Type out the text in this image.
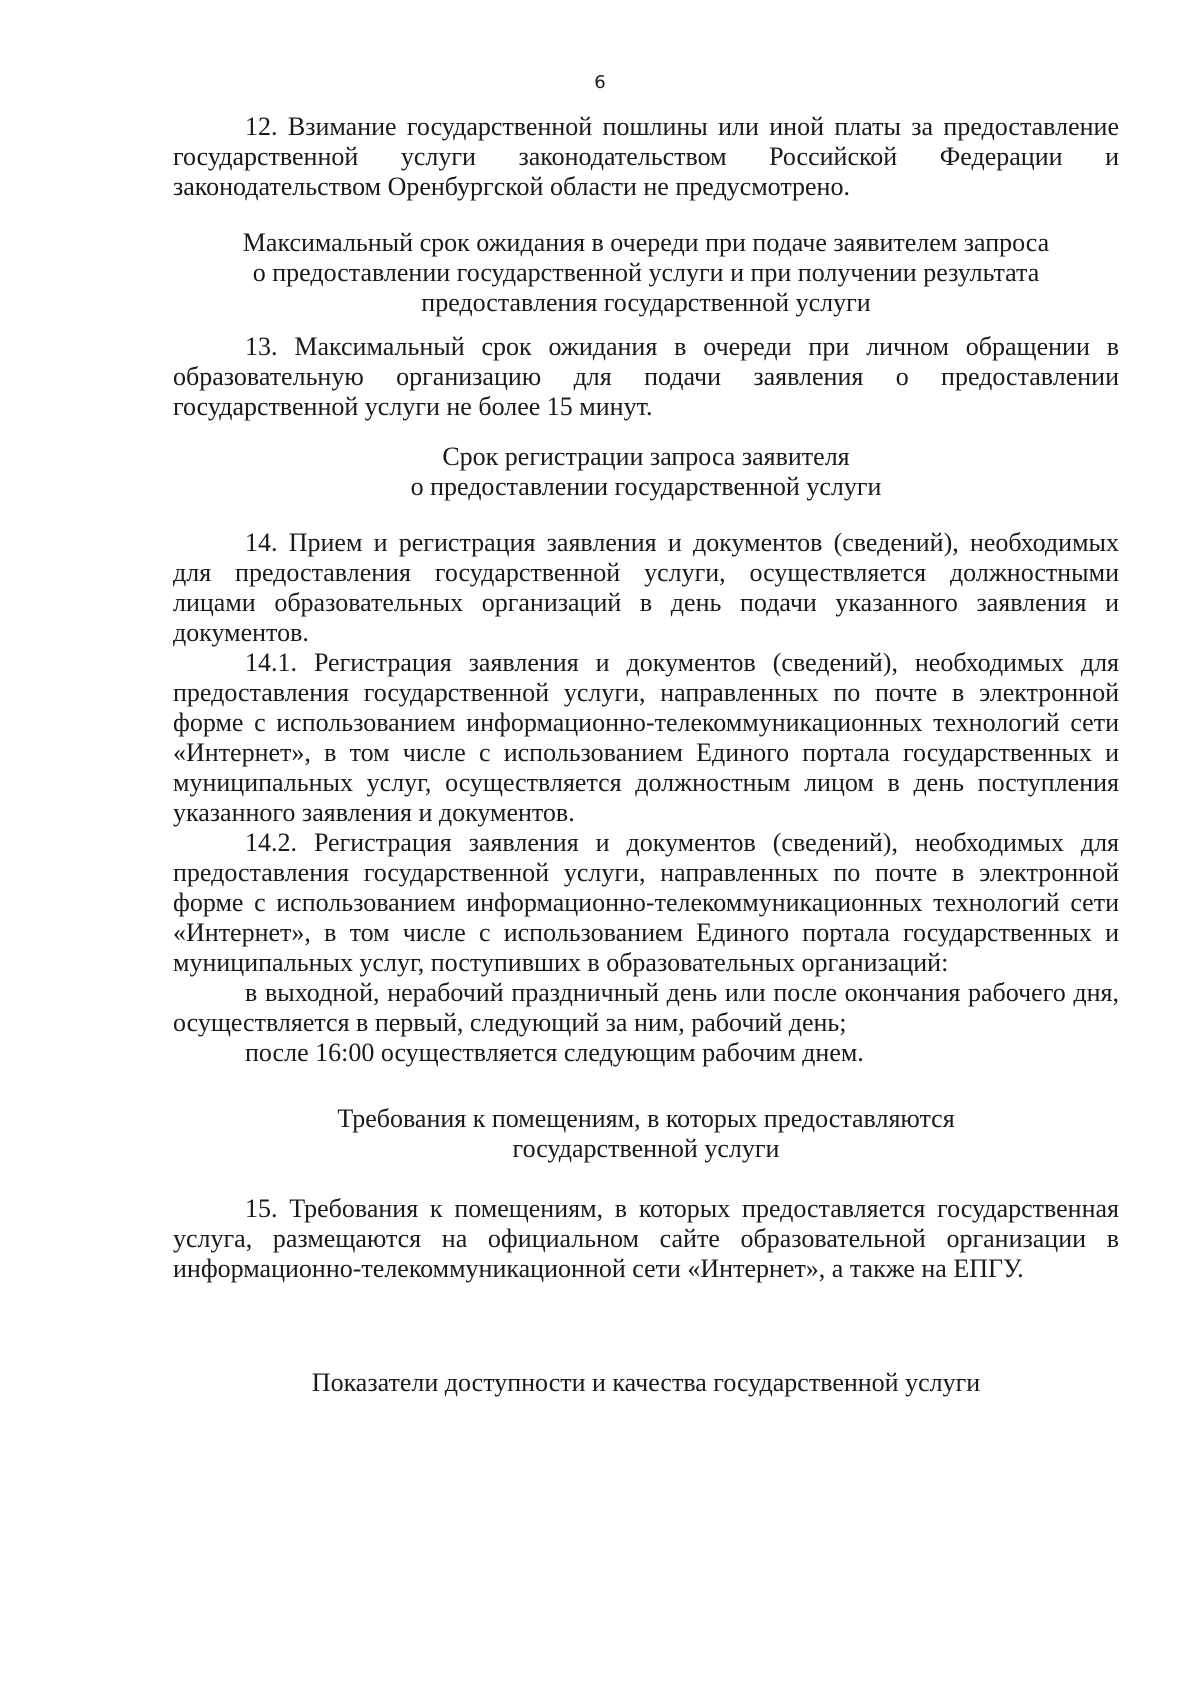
6

12. Взимание государственной пошлины или иной платы за предоставление государственной услуги законодательством Российской Федерации и законодательством Оренбургской области не предусмотрено.

Максимальный срок ожидания в очереди при подаче заявителем запроса
о предоставлении государственной услуги и при получении результата
предоставления государственной услуги

13. Максимальный срок ожидания в очереди при личном обращении в образовательную организацию для подачи заявления о предоставлении государственной услуги не более 15 минут.

Срок регистрации запроса заявителя
о предоставлении государственной услуги

14. Прием и регистрация заявления и документов (сведений), необходимых для предоставления государственной услуги, осуществляется должностными лицами образовательных организаций в день подачи указанного заявления и документов.

14.1. Регистрация заявления и документов (сведений), необходимых для предоставления государственной услуги, направленных по почте в электронной форме с использованием информационно-телекоммуникационных технологий сети «Интернет», в том числе с использованием Единого портала государственных и муниципальных услуг, осуществляется должностным лицом в день поступления указанного заявления и документов.

14.2. Регистрация заявления и документов (сведений), необходимых для предоставления государственной услуги, направленных по почте в электронной форме с использованием информационно-телекоммуникационных технологий сети «Интернет», в том числе с использованием Единого портала государственных и муниципальных услуг, поступивших в образовательных организаций:

в выходной, нерабочий праздничный день или после окончания рабочего дня, осуществляется в первый, следующий за ним, рабочий день;

после 16:00 осуществляется следующим рабочим днем.

Требования к помещениям, в которых предоставляются
государственной услуги

15. Требования к помещениям, в которых предоставляется государственная услуга, размещаются на официальном сайте образовательной организации в информационно-телекоммуникационной сети «Интернет», а также на ЕПГУ.

Показатели доступности и качества государственной услуги
